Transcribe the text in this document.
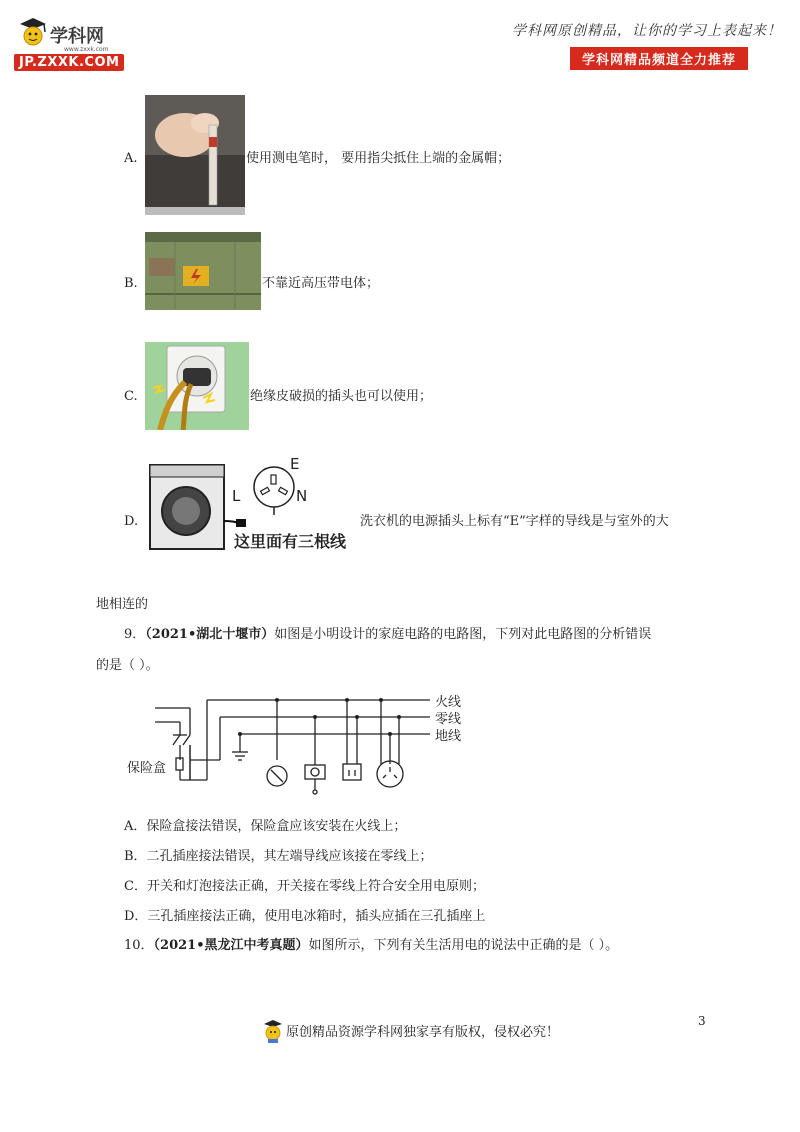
学科网
www.zxxk.com
JP.ZXXK.COM
学科网原创精品，让你的学习上表起来！
学科网精品频道全力推荐
A.	使用测电笔时， 要用指尖抵住上端的金属帽；
B.	不靠近高压带电体；
C.	绝缘皮破损的插头也可以使用；
E
L	N
这里面有三根线
D.	洗衣机的电源插头上标有“E”字样的导线是与室外的大
地相连的
9．（2021•湖北十堰市）如图是小明设计的家庭电路的电路图，下列对此电路图的分析错误
的是（ ）。
火线
零线
地线
保险盒
A．保险盒接法错误，保险盒应该安装在火线上；
B．二孔插座接法错误，其左端导线应该接在零线上；
C．开关和灯泡接法正确，开关接在零线上符合安全用电原则；
D．三孔插座接法正确，使用电冰箱时，插头应插在三孔插座上
10．（2021•黑龙江中考真题）如图所示，下列有关生活用电的说法中正确的是（ ）。
3
原创精品资源学科网独家享有版权，侵权必究！
